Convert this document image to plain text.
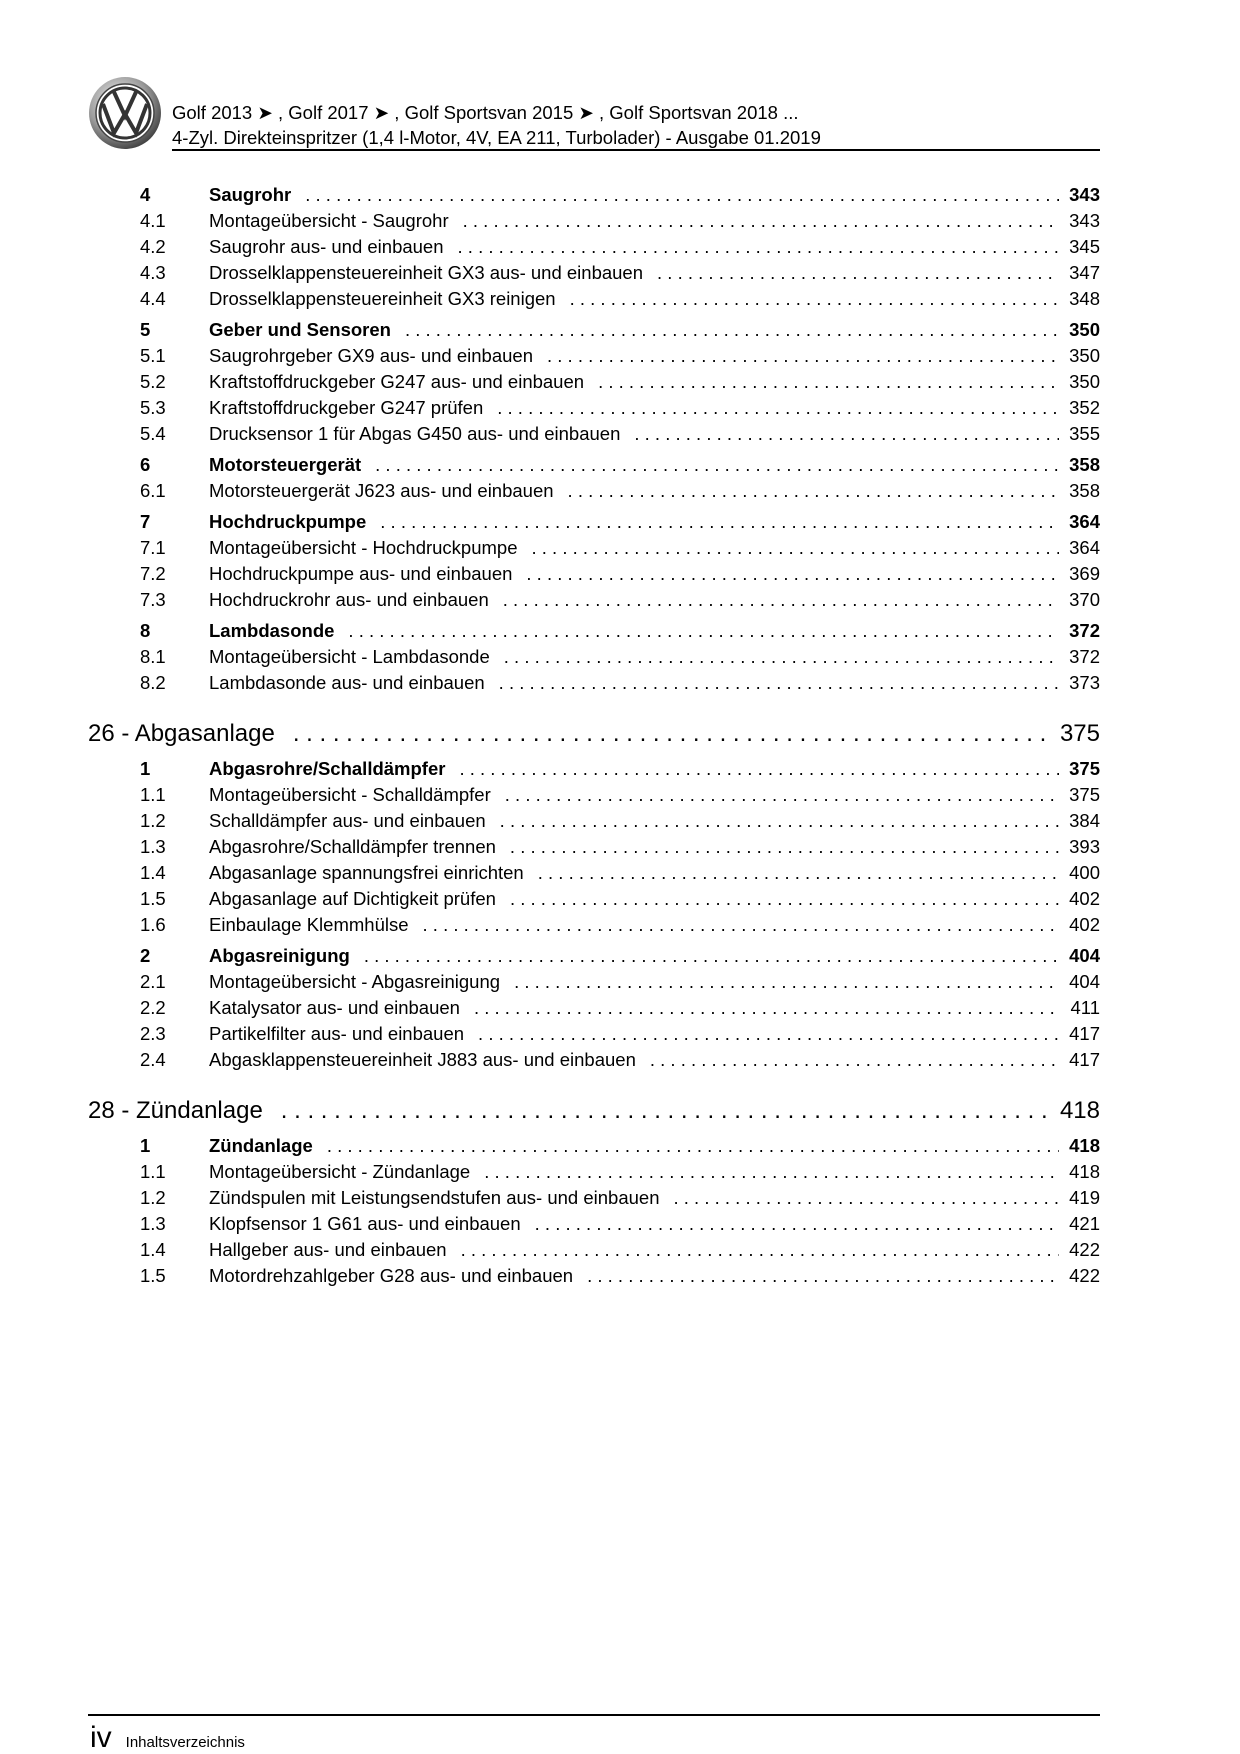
Golf 2013 ➤ , Golf 2017 ➤ , Golf Sportsvan 2015 ➤ , Golf Sportsvan 2018 ...
4-Zyl. Direkteinspritzer (1,4 l-Motor, 4V, EA 211, Turbolader) - Ausgabe 01.2019
4	Saugrohr . . .	343
4.1	Montageübersicht - Saugrohr . . .	343
4.2	Saugrohr aus- und einbauen . . .	345
4.3	Drosselklappensteuereinheit GX3 aus- und einbauen . . .	347
4.4	Drosselklappensteuereinheit GX3 reinigen . . .	348
5	Geber und Sensoren . . .	350
5.1	Saugrohrgeber GX9 aus- und einbauen . . .	350
5.2	Kraftstoffdruckgeber G247 aus- und einbauen . . .	350
5.3	Kraftstoffdruckgeber G247 prüfen . . .	352
5.4	Drucksensor 1 für Abgas G450 aus- und einbauen . . .	355
6	Motorsteuergerät . . .	358
6.1	Motorsteuergerät J623 aus- und einbauen . . .	358
7	Hochdruckpumpe . . .	364
7.1	Montageübersicht - Hochdruckpumpe . . .	364
7.2	Hochdruckpumpe aus- und einbauen . . .	369
7.3	Hochdruckrohr aus- und einbauen . . .	370
8	Lambdasonde . . .	372
8.1	Montageübersicht - Lambdasonde . . .	372
8.2	Lambdasonde aus- und einbauen . . .	373
26 - Abgasanlage . . .	375
1	Abgasrohre/Schalldämpfer . . .	375
1.1	Montageübersicht - Schalldämpfer . . .	375
1.2	Schalldämpfer aus- und einbauen . . .	384
1.3	Abgasrohre/Schalldämpfer trennen . . .	393
1.4	Abgasanlage spannungsfrei einrichten . . .	400
1.5	Abgasanlage auf Dichtigkeit prüfen . . .	402
1.6	Einbaulage Klemmhülse . . .	402
2	Abgasreinigung . . .	404
2.1	Montageübersicht - Abgasreinigung . . .	404
2.2	Katalysator aus- und einbauen . . .	411
2.3	Partikelfilter aus- und einbauen . . .	417
2.4	Abgasklappensteuereinheit J883 aus- und einbauen . . .	417
28 - Zündanlage . . .	418
1	Zündanlage . . .	418
1.1	Montageübersicht - Zündanlage . . .	418
1.2	Zündspulen mit Leistungsendstufen aus- und einbauen . . .	419
1.3	Klopfsensor 1 G61 aus- und einbauen . . .	421
1.4	Hallgeber aus- und einbauen . . .	422
1.5	Motordrehzahlgeber G28 aus- und einbauen . . .	422
iv Inhaltsverzeichnis
